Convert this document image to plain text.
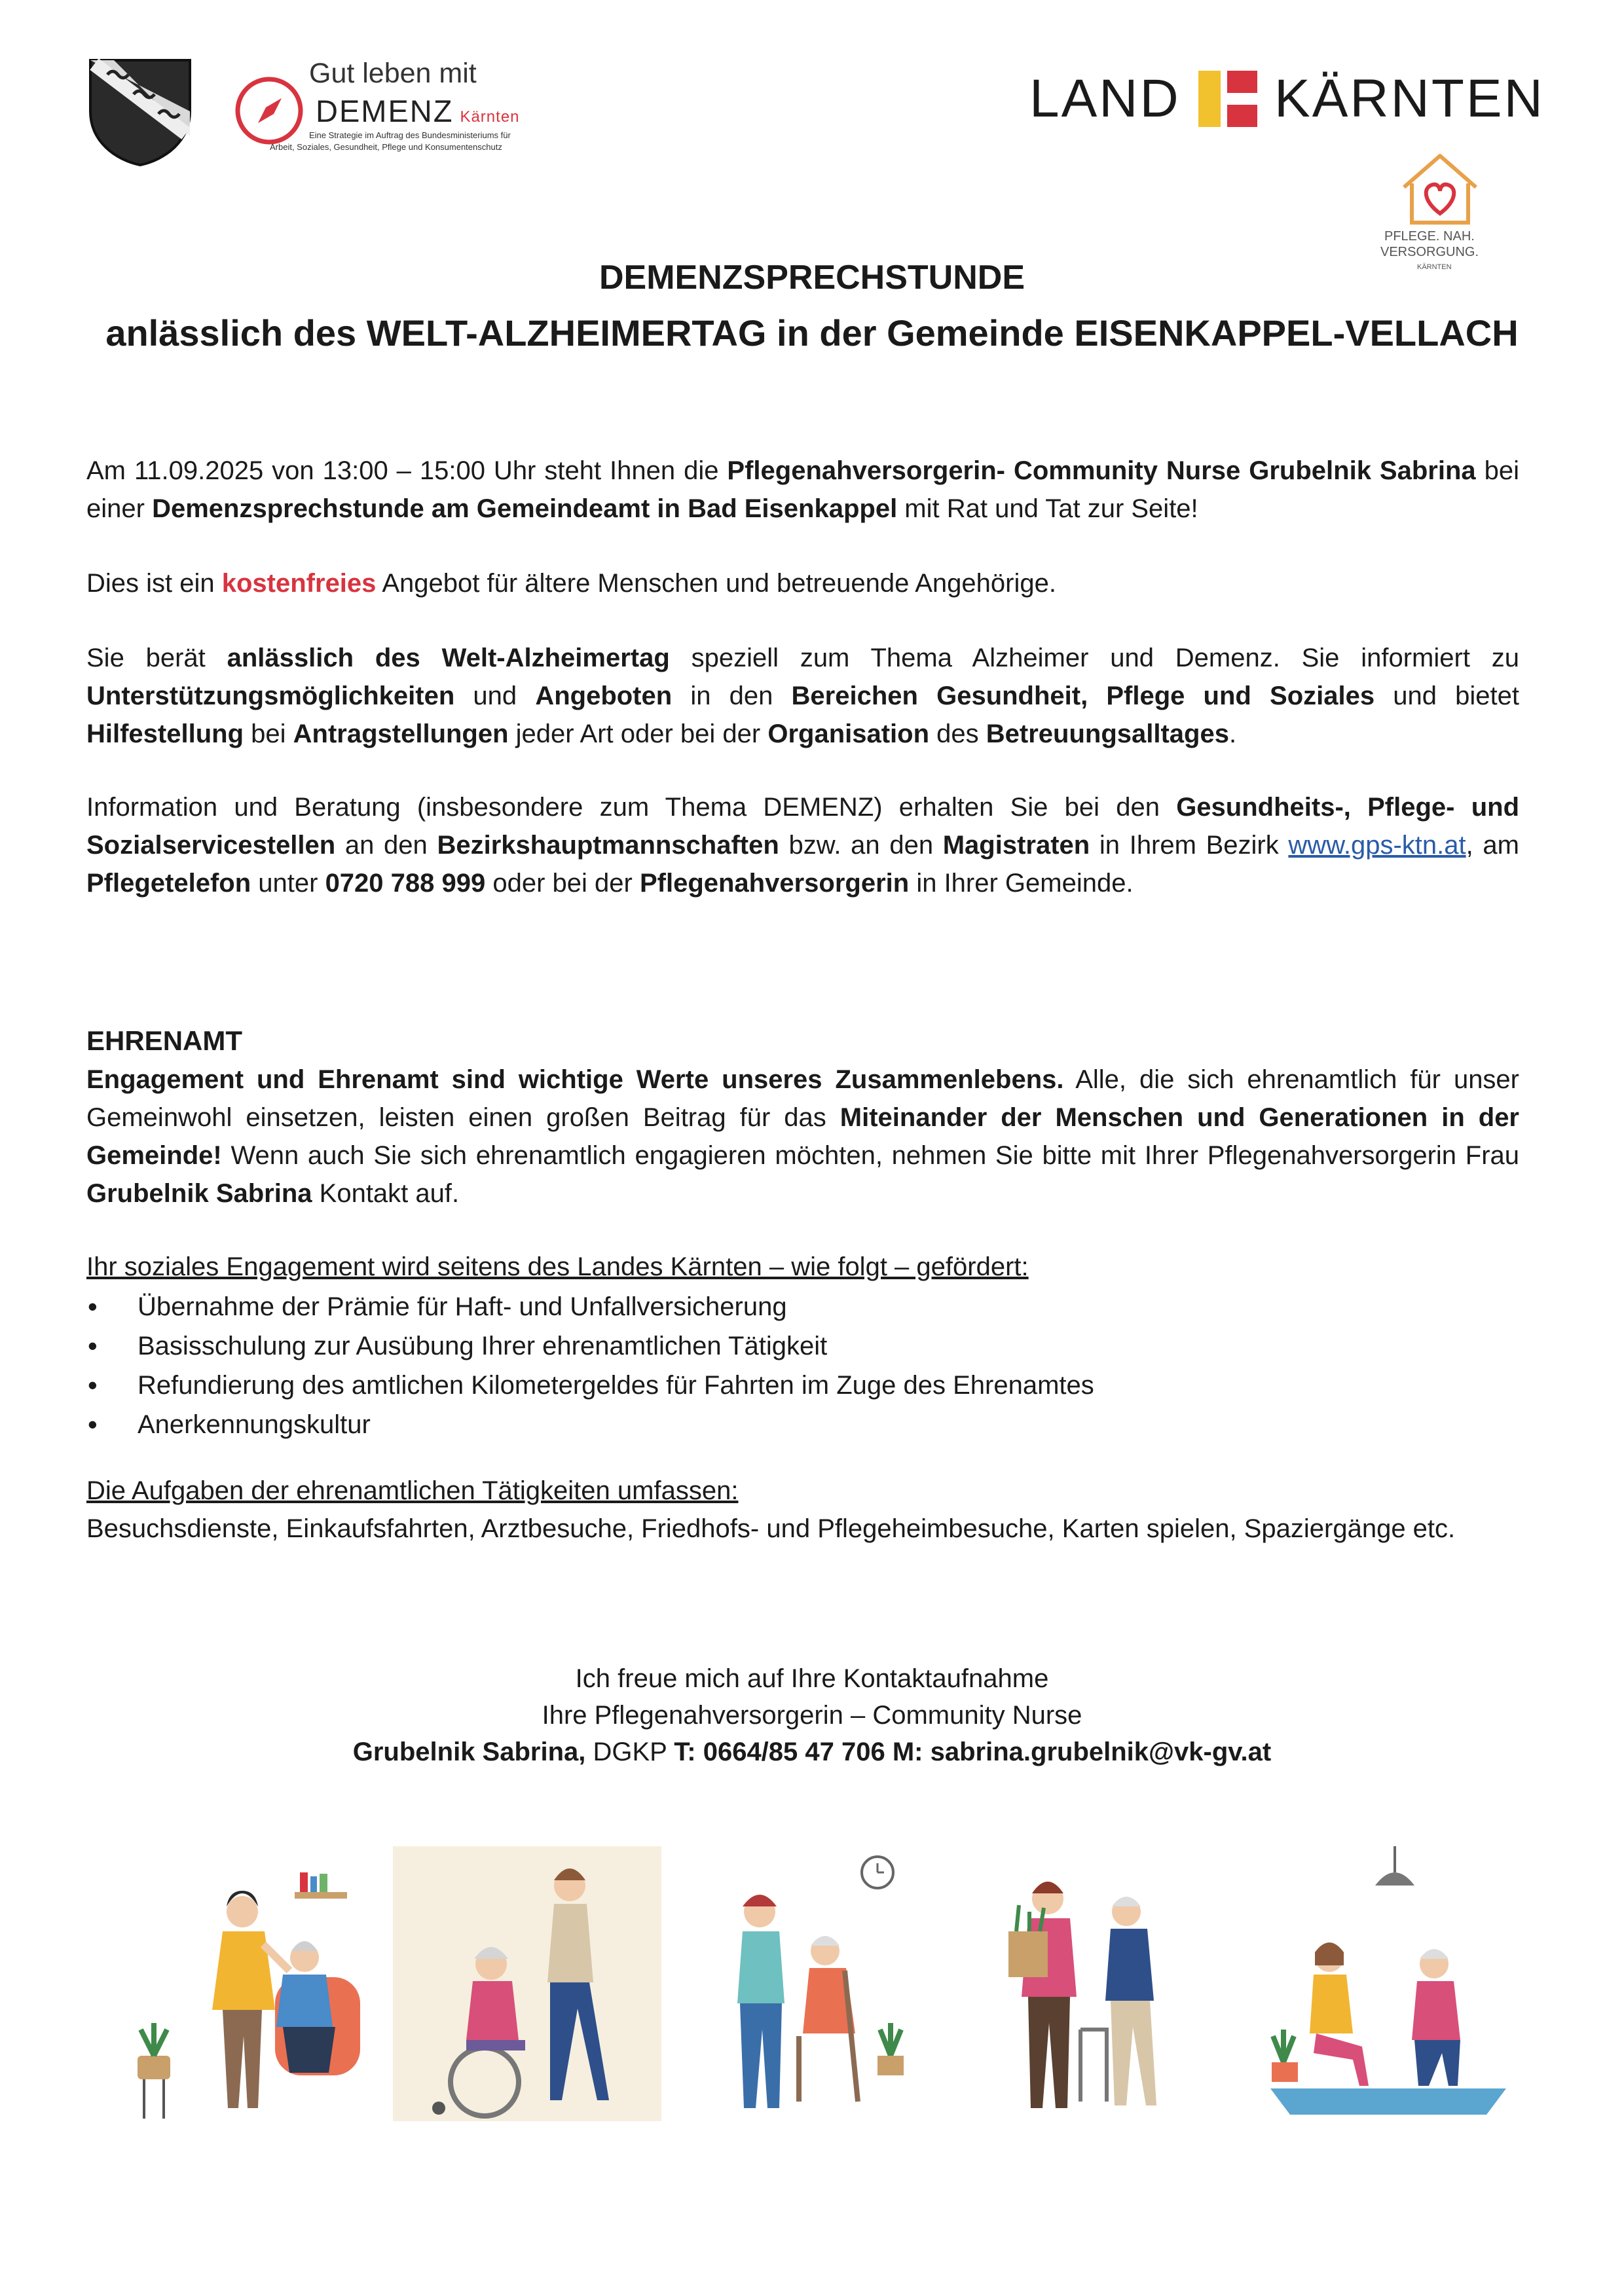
Gut leben mit
DEMENZ Kärnten
Eine Strategie im Auftrag des Bundesministeriums für
Arbeit, Soziales, Gesundheit, Pflege und Konsumentenschutz
LAND KÄRNTEN
PFLEGE. NAH.
VERSORGUNG.
KÄRNTEN
DEMENZSPRECHSTUNDE
anlässlich des WELT-ALZHEIMERTAG in der Gemeinde EISENKAPPEL-VELLACH
Am 11.09.2025 von 13:00 – 15:00 Uhr steht Ihnen die Pflegenahversorgerin- Community Nurse Grubelnik Sabrina bei einer Demenzsprechstunde am Gemeindeamt in Bad Eisenkappel mit Rat und Tat zur Seite!
Dies ist ein kostenfreies Angebot für ältere Menschen und betreuende Angehörige.
Sie berät anlässlich des Welt-Alzheimertag speziell zum Thema Alzheimer und Demenz. Sie informiert zu Unterstützungsmöglichkeiten und Angeboten in den Bereichen Gesundheit, Pflege und Soziales und bietet Hilfestellung bei Antragstellungen jeder Art oder bei der Organisation des Betreuungsalltages.
Information und Beratung (insbesondere zum Thema DEMENZ) erhalten Sie bei den Gesundheits-, Pflege- und Sozialservicestellen an den Bezirkshauptmannschaften bzw. an den Magistraten in Ihrem Bezirk www.gps-ktn.at, am Pflegetelefon unter 0720 788 999 oder bei der Pflegenahversorgerin in Ihrer Gemeinde.
EHRENAMT
Engagement und Ehrenamt sind wichtige Werte unseres Zusammenlebens. Alle, die sich ehrenamtlich für unser Gemeinwohl einsetzen, leisten einen großen Beitrag für das Miteinander der Menschen und Generationen in der Gemeinde! Wenn auch Sie sich ehrenamtlich engagieren möchten, nehmen Sie bitte mit Ihrer Pflegenahversorgerin Frau Grubelnik Sabrina Kontakt auf.
Ihr soziales Engagement wird seitens des Landes Kärnten – wie folgt – gefördert:
• Übernahme der Prämie für Haft- und Unfallversicherung
• Basisschulung zur Ausübung Ihrer ehrenamtlichen Tätigkeit
• Refundierung des amtlichen Kilometergeldes für Fahrten im Zuge des Ehrenamtes
• Anerkennungskultur
Die Aufgaben der ehrenamtlichen Tätigkeiten umfassen:
Besuchsdienste, Einkaufsfahrten, Arztbesuche, Friedhofs- und Pflegeheimbesuche, Karten spielen, Spaziergänge etc.
Ich freue mich auf Ihre Kontaktaufnahme
Ihre Pflegenahversorgerin – Community Nurse
Grubelnik Sabrina, DGKP T: 0664/85 47 706 M: sabrina.grubelnik@vk-gv.at
